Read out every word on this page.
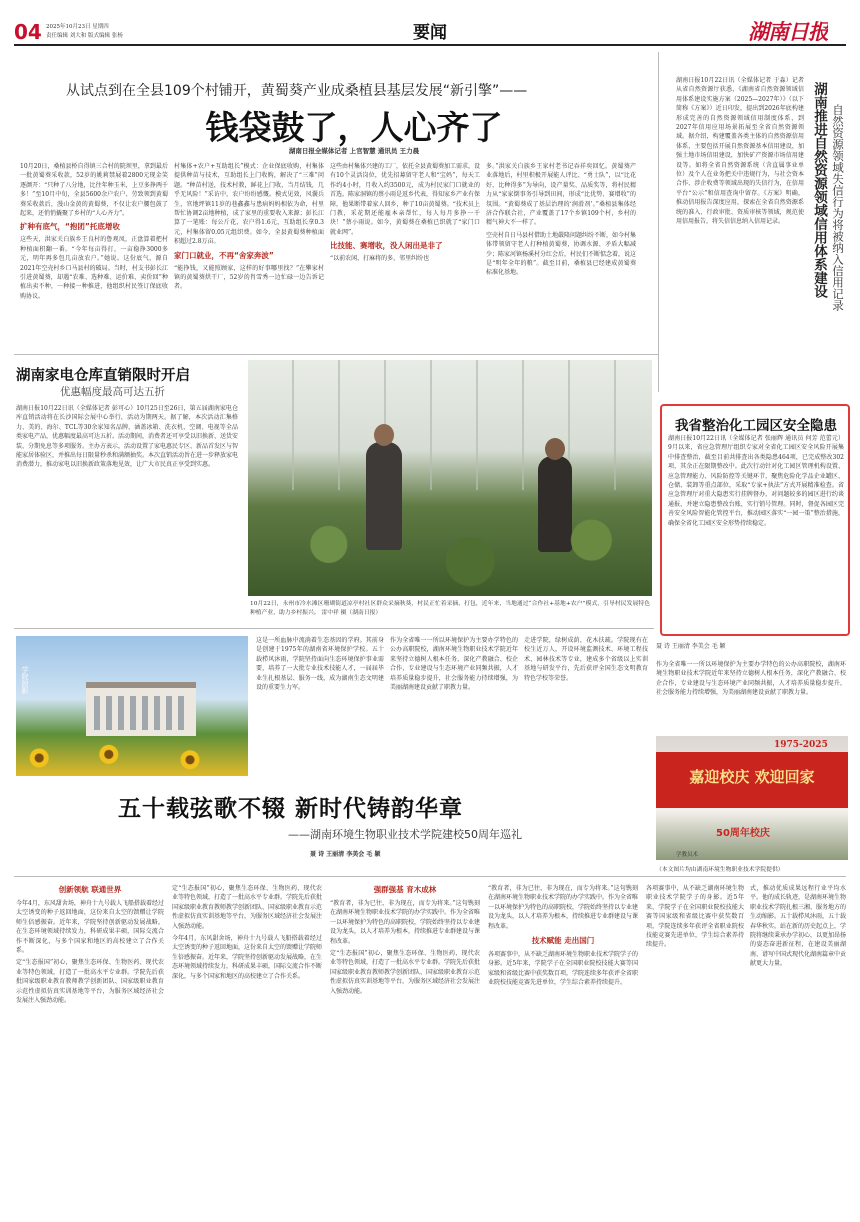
04 2025年10月23日 星期四
责任编辑 刘大和 版式编辑 张杨	要闻	湖南日报
从试点到在全县109个村铺开，黄蜀葵产业成桑植县基层发展“新引擎”——
钱袋鼓了，人心齐了
湖南日报全媒体记者 上官智慧 通讯员 王力晨

10月20日，桑植县桥自得镇三合村的院坝里，拿到最后一批黄蜀葵采收款，52岁的姚莉禁展着2800元现金笑逐颜开：“只种了八分地，比往年种玉米，上豆多挣两千多！”至10月中旬，全县5600余户农户、劳致领到黄蜀葵采收款后，漫山金黄的黄蜀葵，不仅让农户腰包鼓了起来，还悄悄撬聚了乡村的“人心齐力”。

扩种有底气，“抱团”托底增收

这些天，洪家关白族乡王良村的鲁观凤，正盘算着把村种植面积翻一番。“今年每亩得打，一亩稳挣3000多元，明年再多包几亩放农户。”她说。这份底气，源自2021年空壳村乡口马县村的破局。当时，村支书彭长江引进黄蜀葵，却遇“农难、选种难、运价难、卖价回”种植出卖不种，一种接一种推进，他组织村民签订保底收购协议。

村集体+农户+互助组长”模式：企业保底收购，村集体提供种苗与技术，互助组长上门收购，解决了“三难”问题。“种苗村送，技术村教，鲜花上门收，当月结钱，几乎无风险！”采访中，农户纷纷感慨。模式见效，风囊兵生，官地坪镇11岁的巷鑫鑫与患病妈妈相依为命，村里帮忙协调2亩地种植，成了家里的重要收入来源；彭长江算了一笔账：每公斤花，农户得1.6元，互助组长拿0.3元，村集体留0.05元组织费。如今，全县黄蜀葵种植面积超过2.8万亩。

家门口就业，不再“舍家奔波”

“能挣钱，又能照顾家，这样的好事哪里找？”在攀家村镇的黄蜀葵烘干厂，52岁的肖雪秀一边忙碌一边告诉记者。

这些由村集体兴建的工厂，依托全县黄蜀葵加工需求，设有10个灵活岗位，优先招募留守老人和“宝妈”，每天工作约4小时，月收入约3500元，成为村民家门口就业的首选。陈家洞镇的蔡小雨是返乡代表，得知家乡产业有保障，他果断带着家人回乡，种了10亩黄蜀葵。“技术员上门教，采花期还能雇本亲帮忙，每人每月多挣一千块！”蔡小雨说。如今，黄蜀葵在桑植已织就了“家门口就业网”。

比技能、赛增收，没人闲出是非了

“以前农闲，打麻将的多，邻里纠纷也

多。”洪家关白族乡王家村老书记吞祥奕回忆。黄蜀葵产业落地后，村里积极开展能人评比、“勇士队”，以“比花好，比种得多”为导向，设产量奖、品质奖等，将村民精力从“家家倒事务引导到田间，形成“比优势、赛增收”的氛围。“黄蜀葵成了基层治理的‘润滑剂’。”桑植县集体经济合作联合社，产业覆盖了17个乡镇109个村，乡村的精气神大不一样了。

空壳村自日马县村借助土地嚴隆问题纠纷不断，如今村集体带领留守老人打种植黄蜀葵，协调水源、矛盾大幅减少；陈家河镇杨溪村分红会后，村民们不断惦念着，说这是“明年全年的粮”。截至目前，桑植县已经建成黄蜀葵标准化基地。

湖南日报10月22日讯（全媒体记者 于淼）记者从省自然资源厅获悉，《湖南省自然资源领域信用体系建设实施方案（2025—2027年）》（以下简称《方案》）近日印发，提出到2026年底构建形成完善的自然资源领域信用制度体系，到2027年信用应用场景拓展至全省自然资源领域。据介绍，构建覆盖各类主体的自然资源信用体系，主要包括开展自然资源基本信用建设，加强土地市场信用建设，加快矿产资源市场信用建设等。如将全省自然资源系统（含直属事业单位）及个人在业务把关中违规行为，与社会资本合作、涉企收费等领域出现的失信行为，在信用平台“公示”和信用查询中留存。《方案》明确，推动信用报告深度应用，探索在全省自然资源系统的准入、行政审批、资质审核等领域，规范使用信用报告，将失信信息纳入信用记录。	湖南推进自然资源领域信用体系建设 自然资源领域失信行为将被纳入信用记录
湖南家电仓库直销限时开启
优惠幅度最高可达五折

湖南日报10月22日讯（全媒体记者 彭可心）10月25日至26日，第五届湖南家电仓库直销活动将在长沙国际会展中心举行，活动为期两天。据了解，本次活动汇集格力、美的、海尔、TCL等30余家知名品牌，涵盖冰箱、洗衣机、空调、电视等全品类家电产品，优惠幅度最高可达五折。活动期间，消费者还可享受以旧换新、送货安装、分期免息等多项服务。主办方表示，活动设置了家电惠民专区、新品首发区与智能家居体验区，并推出每日限量秒杀和满额抽奖。本次直销活动旨在进一步释放家电消费潜力，推动家电以旧换新政策落地见效，让广大市民真正享受到实惠。

10月22日，永州市冷水滩区珊瑚街道凉亭村社区群众采摘秋葵，村民正忙着采摘、打包，近年来，当地通过“合作社+基地+农户”模式，引导村民发展特色种植产业，助力乡村振兴。 雷中祥 摄（湖南日报）

我省整治化工园区安全隐患

湖南日报10月22日讯（全媒体记者 张丽辉 通讯员 何芳 范蕾元）9月以来，省应急管理厅组织专家对全省化工园区安全风险开展集中排查整治，截至目前共排查出各类隐患464项，已完成整改302项，其余正在限期整改中。此次行动针对化工园区管理机构设置、应急管理能力、风险防控等关键环节，聚焦危险化学品企业罐区、仓储、装卸等重点部位，采取“专家+执法”方式开展精准检查。省应急管理厅对重大隐患实行挂牌督办，对问题较多的园区进行约谈通报，并建立隐患整改台账，实行销号管理。同时，督促各园区完善安全风险智能化管控平台，推动园区落实“一园一策”整治措施，确保全省化工园区安全形势持续稳定。

学院掠影

这是一所血脉中流淌着生态基因的学府。其前身是创建于1975年的湖南省环境保护学校。五十载栉风沐雨，学院坚持面向生态环境保护事业需要，培养了一大批专业技术技能人才，一届届毕业生扎根基层、服务一线，成为湖南生态文明建设的重要生力军。

作为全省唯一一所以环境保护为主要办学特色的公办高职院校，湖南环境生物职业技术学院近年来坚持立德树人根本任务，深化产教融合、校企合作，专业建设与生态环境产业同频共振，人才培养质量稳步提升，社会服务能力持续增强，为美丽湖南建设贡献了职教力量。

走进学院，绿树成荫，花木扶疏。学院现有在校生近万人，开设环境监测技术、环境工程技术、园林技术等专业，建成多个省级以上实训基地与研发平台，先后获评全国生态文明教育特色学校等荣誉。

聂 诗 王丽清 李美会 毛 颖

作为全省唯一一所以环境保护为主要办学特色的公办高职院校，湖南环境生物职业技术学院近年来坚持立德树人根本任务，深化产教融合、校企合作，专业建设与生态环境产业同频共振，人才培养质量稳步提升，社会服务能力持续增强，为美丽湖南建设贡献了职教力量。

1975-2025
嘉迎校庆 欢迎回家
50周年校庆
（本文图片均由湖南环境生物职业技术学院提供）
学教员术
五十载弦歌不辍 新时代铸韵华章
——湖南环境生物职业技术学院建校50周年巡礼
聂 诗 王丽清 李美会 毛 颖
创新领航 联通世界

今年4月，东风甜舍场，神舟十九号载人飞船搭载着经过太空诱变的种子返回地面，这份来自太空的馈赠让学院师生倍感振奋。近年来，学院坚持创新驱动发展战略，在生态环境领域持续发力，科研成果丰硕，国际交流合作不断深化，与多个国家和地区的高校建立了合作关系。

定“生态报国”初心，聚焦生态环保、生物医药、现代农业等特色领域，打造了一批高水平专业群。学院先后获批国家级职业教育教师教学创新团队、国家级职业教育示范性虚拟仿真实训基地等平台，为服务区域经济社会发展注入强劲动能。

定“生态报国”初心，聚焦生态环保、生物医药、现代农业等特色领域，打造了一批高水平专业群。学院先后获批国家级职业教育教师教学创新团队、国家级职业教育示范性虚拟仿真实训基地等平台，为服务区域经济社会发展注入强劲动能。

今年4月，东风甜舍场，神舟十九号载人飞船搭载着经过太空诱变的种子返回地面，这份来自太空的馈赠让学院师生倍感振奋。近年来，学院坚持创新驱动发展战略，在生态环境领域持续发力，科研成果丰硕，国际交流合作不断深化，与多个国家和地区的高校建立了合作关系。

强群强基 育木成林

“教育者，非为已往，非为现在，而专为将来。”这句镌刻在湖南环境生物职业技术学院的办学实践中。作为全省唯一以环境保护为特色的高职院校，学院始终坚持以专业建设为龙头，以人才培养为根本，持续推进专业群建设与课程改革。

定“生态报国”初心，聚焦生态环保、生物医药、现代农业等特色领域，打造了一批高水平专业群。学院先后获批国家级职业教育教师教学创新团队、国家级职业教育示范性虚拟仿真实训基地等平台，为服务区域经济社会发展注入强劲动能。

“教育者，非为已往，非为现在，而专为将来。”这句镌刻在湖南环境生物职业技术学院的办学实践中。作为全省唯一以环境保护为特色的高职院校，学院始终坚持以专业建设为龙头，以人才培养为根本，持续推进专业群建设与课程改革。

技术赋能 走出国门

各项赛事中，从不缺乏湖南环境生物职业技术学院学子的身影。近5年来，学院学子在全国职业院校技能大赛等国家级和省级比赛中获奖数百项，学院连续多年获评全省职业院校技能竞赛先进单位，学生综合素养持续提升。

各项赛事中，从不缺乏湖南环境生物职业技术学院学子的身影。近5年来，学院学子在全国职业院校技能大赛等国家级和省级比赛中获奖数百项，学院连续多年获评全省职业院校技能竞赛先进单位，学生综合素养持续提升。

式，推动优质成果远程行业平均水平。他的成长轨迹，是湖南环境生物职业技术学院扎根三湘、服务地方的生动缩影。五十载栉风沐雨，五十载春华秋实。站在新的历史起点上，学院将继续秉承办学初心，以更加昂扬的姿态奋进新征程，在建设美丽湖南、谱写中国式现代化湖南篇章中贡献更大力量。
